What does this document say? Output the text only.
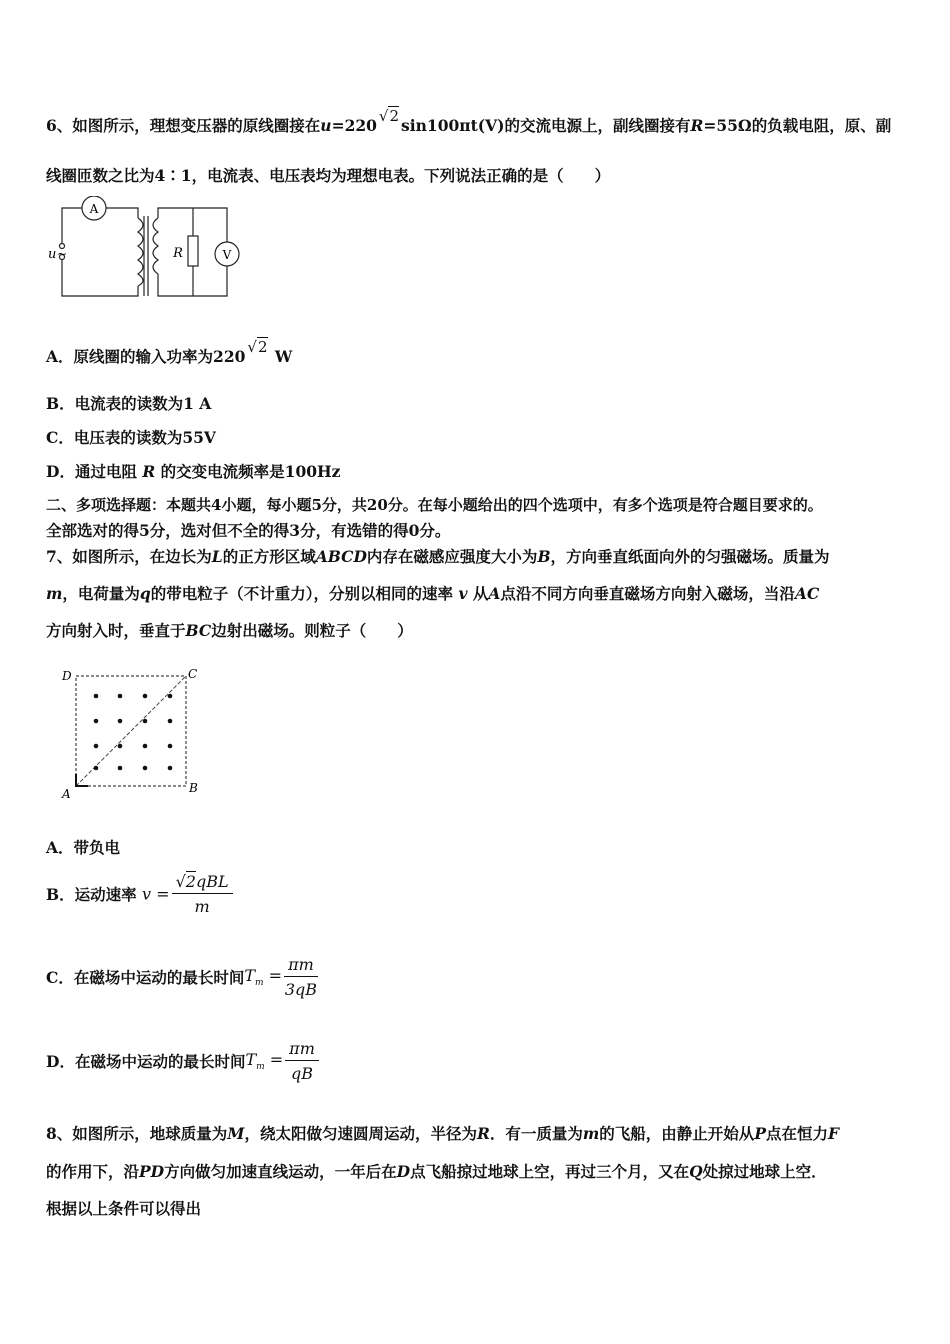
6、如图所示，理想变压器的原线圈接在u=220 √2 sin100πt(V)的交流电源上，副线圈接有R=55Ω的负载电阻，原、副
线圈匝数之比为4∶1，电流表、电压表均为理想电表。下列说法正确的是（　　）
A
V
R
u ~
A．原线圈的输入功率为220 √2 W
B．电流表的读数为1 A
C．电压表的读数为55V
D．通过电阻 R 的交变电流频率是100Hz
二、多项选择题：本题共4小题，每小题5分，共20分。在每小题给出的四个选项中，有多个选项是符合题目要求的。
全部选对的得5分，选对但不全的得3分，有选错的得0分。
7、如图所示，在边长为L的正方形区域ABCD内存在磁感应强度大小为B，方向垂直纸面向外的匀强磁场。质量为
m，电荷量为q的带电粒子（不计重力），分别以相同的速率 v 从A点沿不同方向垂直磁场方向射入磁场，当沿AC
方向射入时，垂直于BC边射出磁场。则粒子（　　）
D	C
A	B
A．带负电
B．运动速率 $v = \frac{\text{√2qBL}}{m}$
C．在磁场中运动的最长时间$T_m = \frac{\pi m}{3qB}$
D．在磁场中运动的最长时间$T_m = \frac{\pi m}{qB}$
8、如图所示，地球质量为M，绕太阳做匀速圆周运动，半径为R．有一质量为m的飞船，由静止开始从P点在恒力F
的作用下，沿PD方向做匀加速直线运动，一年后在D点飞船掠过地球上空，再过三个月，又在Q处掠过地球上空．
根据以上条件可以得出
